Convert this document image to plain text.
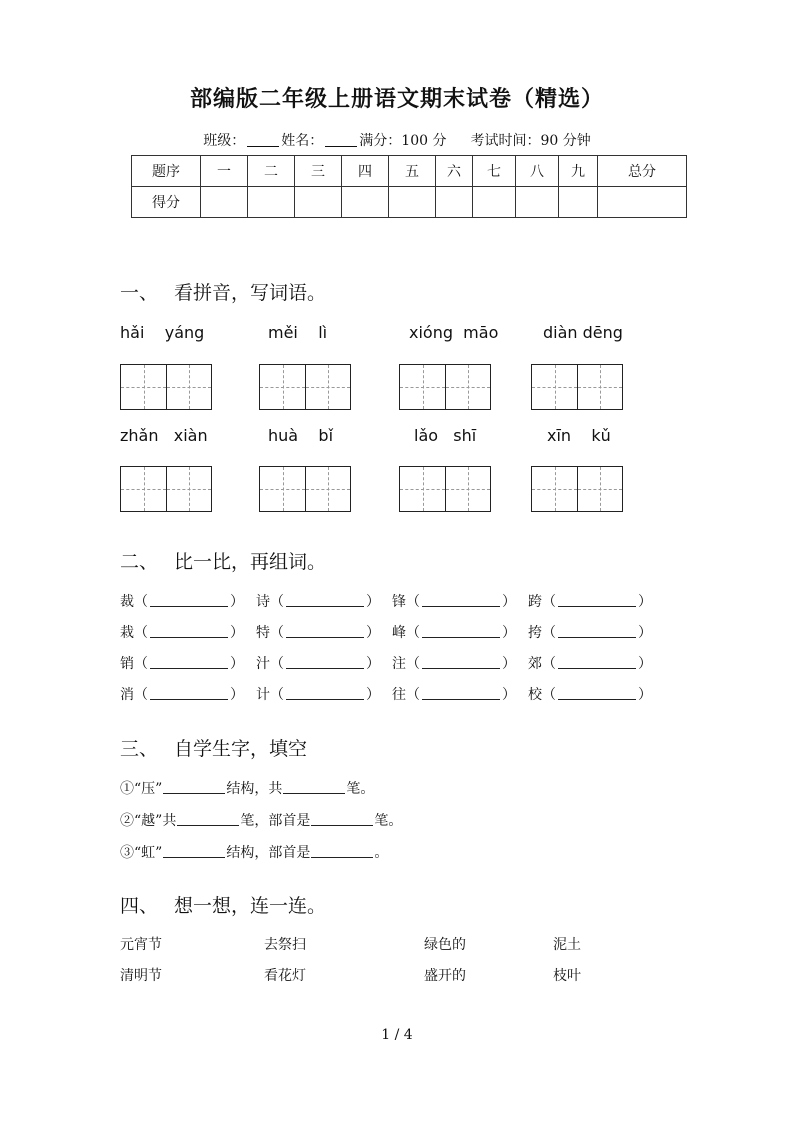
部编版二年级上册语文期末试卷（精选）
班级：	姓名：	满分：100 分 考试时间：90 分钟
题序	一	二	三	四	五	六	七	八	九	总分
得分										
一、 看拼音，写词语。
hǎi    yáng	měi    lì	xióng  māo	diàn dēng
zhǎn   xiàn	huà    bǐ	lǎo   shī	xīn    kǔ
二、 比一比，再组词。
裁（	） 诗（	） 锋（	） 跨（	）
栽（	） 特（	） 峰（	） 挎（	）
销（	） 汁（	） 注（	） 郊（	）
消（	） 计（	） 往（	） 校（	）
三、 自学生字，填空
①“压”	结构，共	笔。
②“越”共	笔，部首是	笔。
③“虹”	结构，部首是	。
四、 想一想，连一连。
元宵节	去祭扫	绿色的	泥土
清明节	看花灯	盛开的	枝叶
1 / 4
